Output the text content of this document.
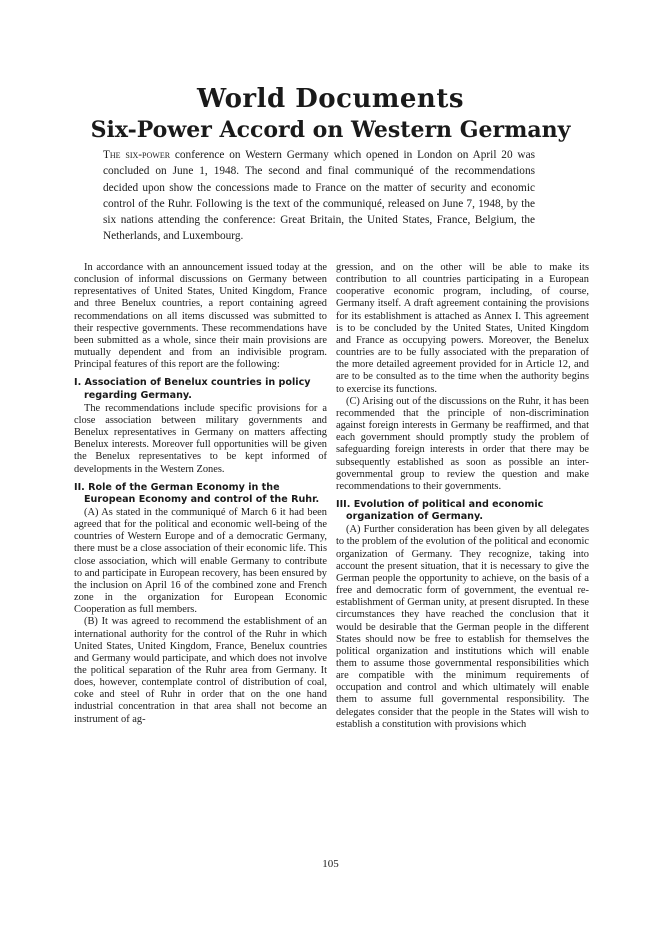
World Documents
Six-Power Accord on Western Germany

The six-power conference on Western Germany which opened in London on April 20 was concluded on June 1, 1948. The second and final communiqué of the recommendations decided upon show the concessions made to France on the matter of security and economic control of the Ruhr. Following is the text of the communiqué, released on June 7, 1948, by the six nations attending the conference: Great Britain, the United States, France, Belgium, the Netherlands, and Luxembourg.

In accordance with an announcement issued today at the conclusion of informal discussions on Germany between representatives of United States, United Kingdom, France and three Benelux countries, a report containing agreed recommendations on all items discussed was submitted to their respective governments. These recommendations have been submitted as a whole, since their main provisions are mutually dependent and from an indivisible program. Principal features of this report are the following:

I. Association of Benelux countries in policy regarding Germany.

The recommendations include specific provisions for a close association between military governments and Benelux representatives in Germany on matters affecting Benelux interests. Moreover full opportunities will be given the Benelux representatives to be kept informed of developments in the Western Zones.

II. Role of the German Economy in the European Economy and control of the Ruhr.

(A) As stated in the communiqué of March 6 it had been agreed that for the political and economic well-being of the countries of Western Europe and of a democratic Germany, there must be a close association of their economic life. This close association, which will enable Germany to contribute to and participate in European recovery, has been ensured by the inclusion on April 16 of the combined zone and French zone in the organization for European Economic Cooperation as full members.

(B) It was agreed to recommend the establishment of an international authority for the control of the Ruhr in which United States, United Kingdom, France, Benelux countries and Germany would participate, and which does not involve the political separation of the Ruhr area from Germany. It does, however, contemplate control of distribution of coal, coke and steel of Ruhr in order that on the one hand industrial concentration in that area shall not become an instrument of ag-

gression, and on the other will be able to make its contribution to all countries participating in a European cooperative economic program, including, of course, Germany itself. A draft agreement containing the provisions for its establishment is attached as Annex I. This agreement is to be concluded by the United States, United Kingdom and France as occupying powers. Moreover, the Benelux countries are to be fully associated with the preparation of the more detailed agreement provided for in Article 12, and are to be consulted as to the time when the authority begins to exercise its functions.

(C) Arising out of the discussions on the Ruhr, it has been recommended that the principle of non-discrimination against foreign interests in Germany be reaffirmed, and that each government should promptly study the problem of safeguarding foreign interests in order that there may be subsequently established as soon as possible an inter-governmental group to review the question and make recommendations to their governments.

III. Evolution of political and economic organization of Germany.

(A) Further consideration has been given by all delegates to the problem of the evolution of the political and economic organization of Germany. They recognize, taking into account the present situation, that it is necessary to give the German people the opportunity to achieve, on the basis of a free and democratic form of government, the eventual re-establishment of German unity, at present disrupted. In these circumstances they have reached the conclusion that it would be desirable that the German people in the different States should now be free to establish for themselves the political organization and institutions which will enable them to assume those governmental responsibilities which are compatible with the minimum requirements of occupation and control and which ultimately will enable them to assume full governmental responsibility. The delegates consider that the people in the States will wish to establish a constitution with provisions which

105
